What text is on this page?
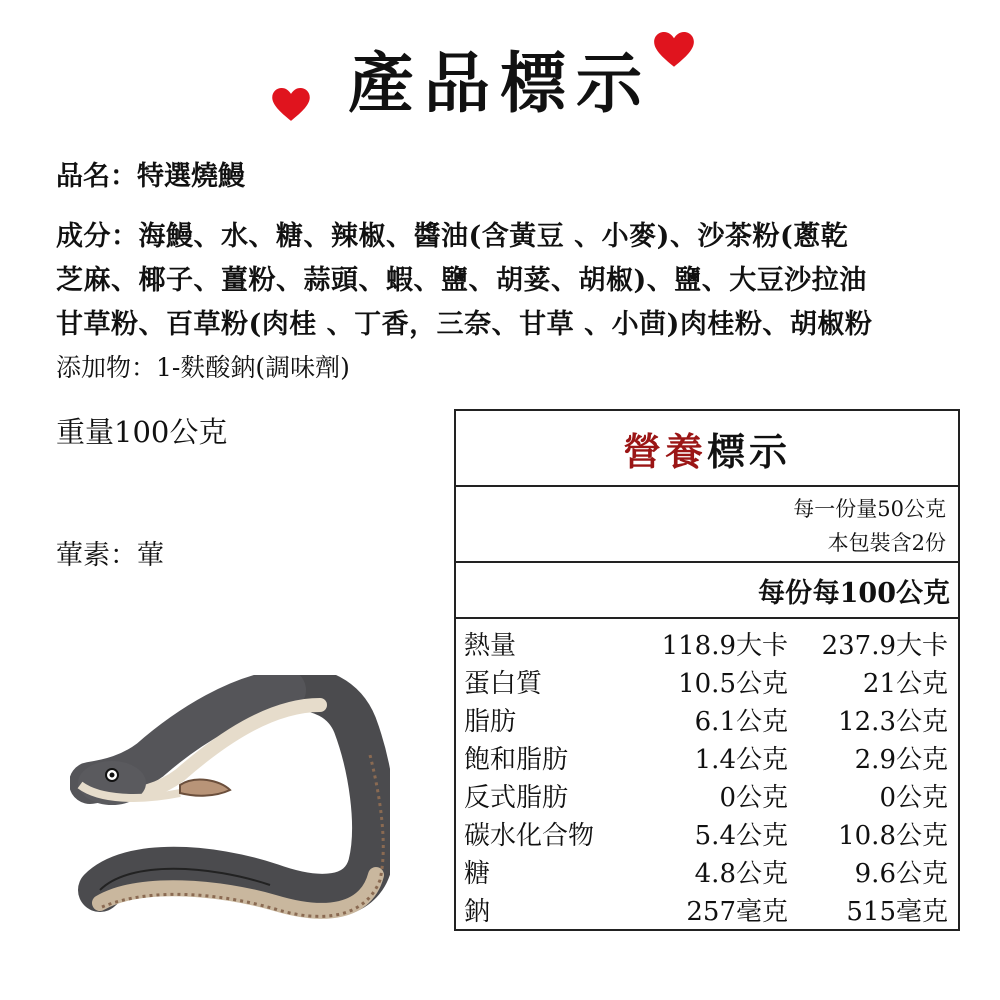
產品標示
品名：特選燒鰻
成分：海鰻、水、糖、辣椒、醬油(含黃豆 、小麥)、沙茶粉(蔥乾
芝麻、椰子、薑粉、蒜頭、蝦、鹽、胡荽、胡椒)、鹽、大豆沙拉油
甘草粉、百草粉(肉桂 、丁香，三奈、甘草 、小茴)肉桂粉、胡椒粉
添加物：1-麩酸鈉(調味劑)
重量100公克
葷素：葷
營養 標示
每一份量50公克
本包裝含2份
每份 每100公克
熱量	118.9大卡 237.9大卡
蛋白質	10.5公克	21公克
脂肪	6.1公克 12.3公克
飽和脂肪	1.4公克	2.9公克
反式脂肪	0公克	0公克
碳水化合物	5.4公克 10.8公克
糖	4.8公克	9.6公克
鈉	257毫克 515毫克
